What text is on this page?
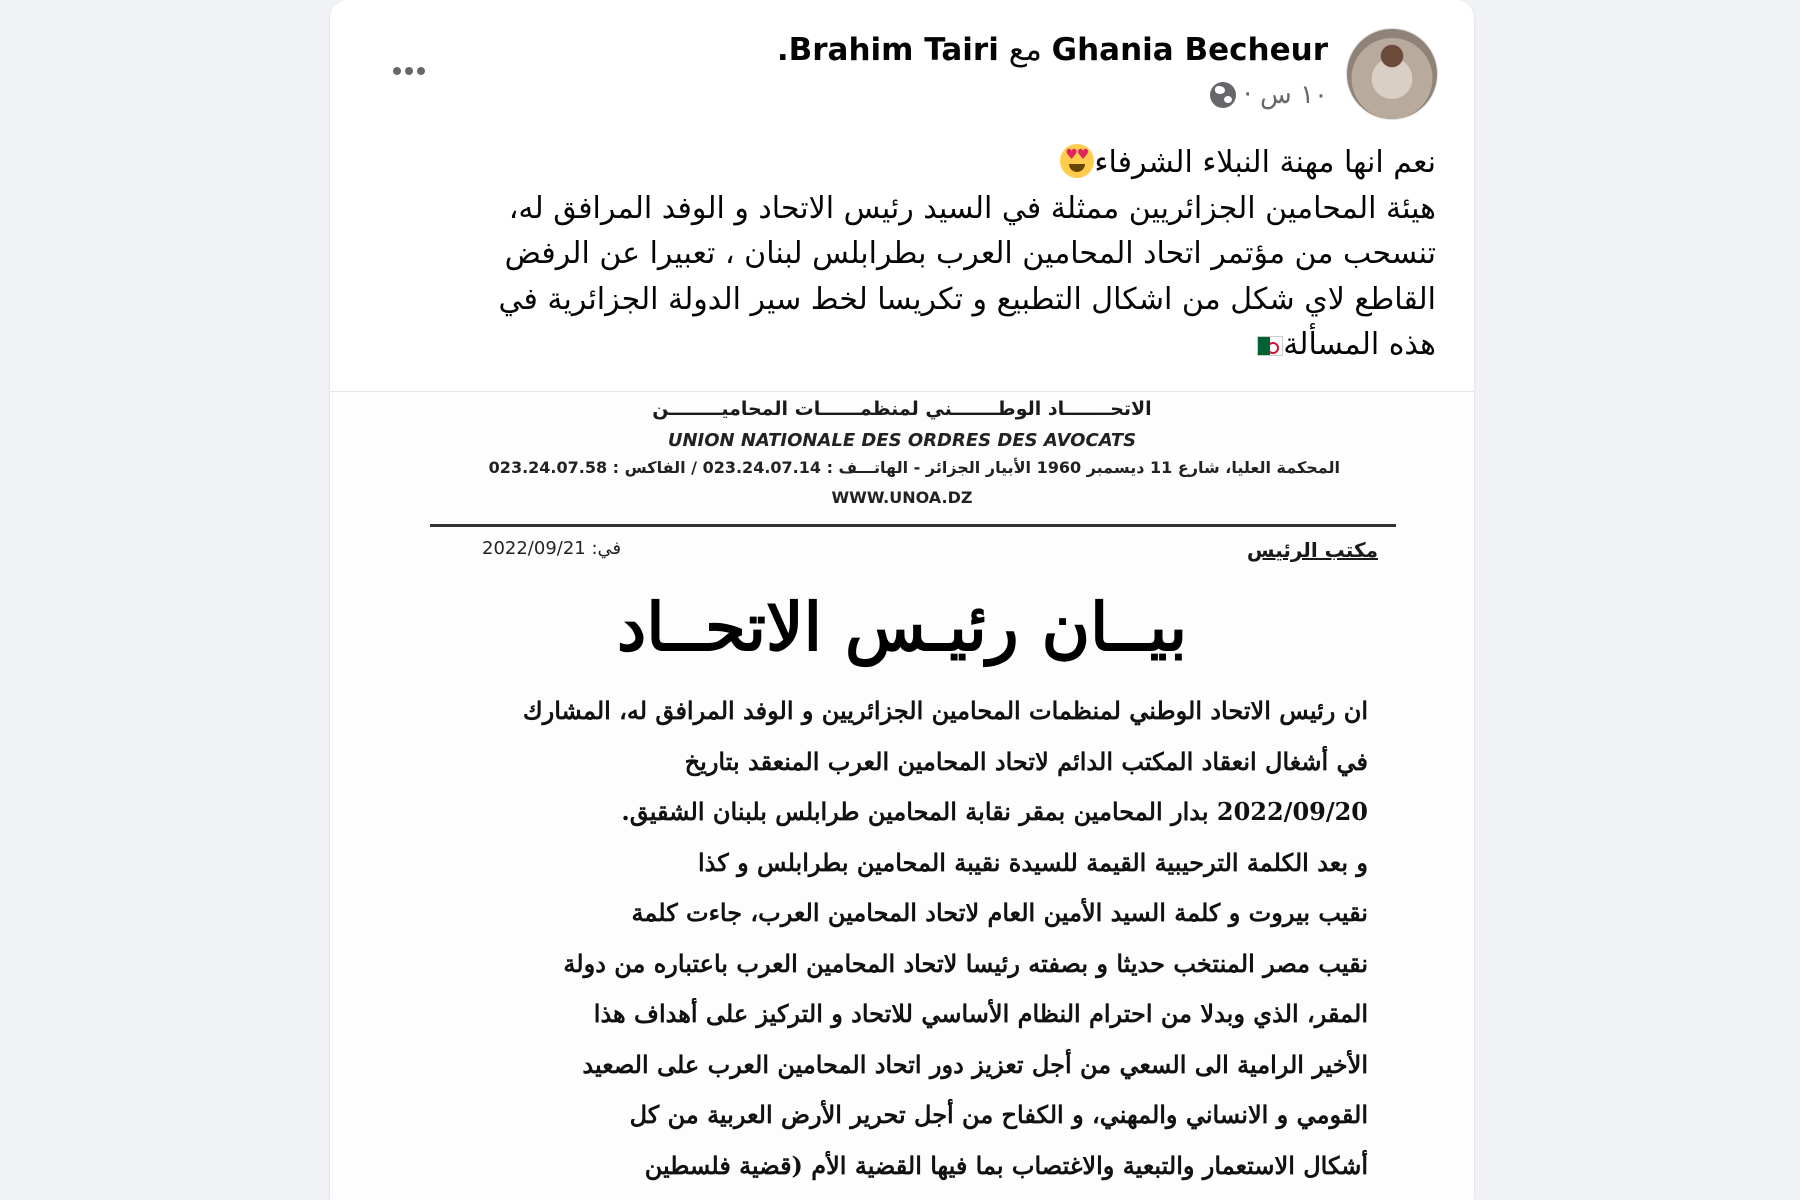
Ghania Becheur مع Brahim Tairi.
١٠ س ·

نعم انها مهنة النبلاء الشرفاء♥
♥

هيئة المحامين الجزائريين ممثلة في السيد رئيس الاتحاد و الوفد المرافق له،

تنسحب من مؤتمر اتحاد المحامين العرب بطرابلس لبنان ، تعبيرا عن الرفض

القاطع لاي شكل من اشكال التطبيع و تكريسا لخط سير الدولة الجزائرية في

هذه المسألة

الاتحـــــــاد الوطـــــــني لمنظمــــــات المحاميــــــــن
UNION NATIONALE DES ORDRES DES AVOCATS
المحكمة العليا، شارع 11 ديسمبر 1960 الأبيار الجزائر - الهاتـــف : 023.24.07.14 / الفاكس : 023.24.07.58
WWW.UNOA.DZ
مكتب الرئيس
في: 2022/09/21
بيــان رئيـس الاتحــاد

ان رئيس الاتحاد الوطني لمنظمات المحامين الجزائريين و الوفد المرافق له، المشارك

في أشغال انعقاد المكتب الدائم لاتحاد المحامين العرب المنعقد بتاريخ

2022/09/20 بدار المحامين بمقر نقابة المحامين طرابلس بلبنان الشقيق.

و بعد الكلمة الترحيبية القيمة للسيدة نقيبة المحامين بطرابلس و كذا

نقيب بيروت و كلمة السيد الأمين العام لاتحاد المحامين العرب، جاءت كلمة

نقيب مصر المنتخب حديثا و بصفته رئيسا لاتحاد المحامين العرب باعتباره من دولة

المقر، الذي وبدلا من احترام النظام الأساسي للاتحاد و التركيز على أهداف هذا

الأخير الرامية الى السعي من أجل تعزيز دور اتحاد المحامين العرب على الصعيد

القومي و الانساني والمهني، و الكفاح من أجل تحرير الأرض العربية من كل

أشكال الاستعمار والتبعية والاغتصاب بما فيها القضية الأم (قضية فلسطين
